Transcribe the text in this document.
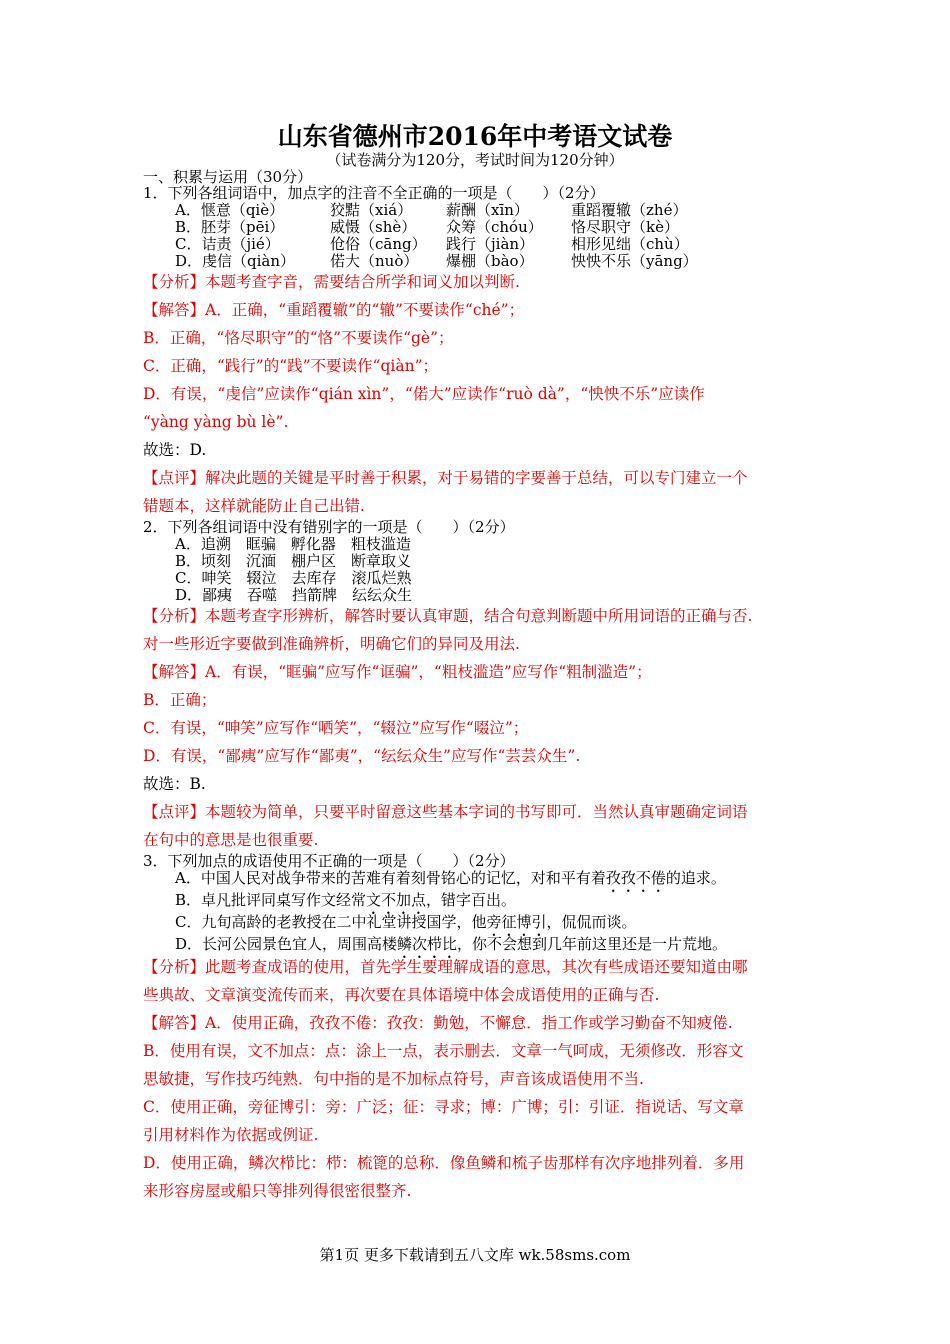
山东省德州市2016年中考语文试卷
（试卷满分为120分，考试时间为120分钟）
一、积累与运用（30分）
1．下列各组词语中，加点字的注音不全正确的一项是（　　）（2分）
A．惬意（qiè）	狡黠（xiá） 薪酬（xīn）	重蹈覆辙（zhé）
B．胚芽（pēi）	威慑（shè） 众筹（chóu） 恪尽职守（kè）
C．诘责（jié）	伧俗（cāng） 践行（jiàn） 相形见绌（chù）
D．虔信（qiàn） 偌大（nuò） 爆棚（bào） 怏怏不乐（yāng）
【分析】本题考查字音，需要结合所学和词义加以判断.
【解答】A．正确，“重蹈覆辙”的“辙”不要读作“ché”；
B．正确，“恪尽职守”的“恪”不要读作“gè”；
C．正确，“践行”的“践”不要读作“qiàn”；
D．有误，“虔信”应读作“qián xìn”，“偌大”应读作“ruò dà”，“怏怏不乐”应读作
“yàng yàng bù lè”.
故选：D.
【点评】解决此题的关键是平时善于积累，对于易错的字要善于总结，可以专门建立一个
错题本，这样就能防止自己出错.
2．下列各组词语中没有错别字的一项是（　　）（2分）
A．追溯　眶骗　孵化器　粗枝滥造
B．顷刻　沉湎　棚户区　断章取义
C．呻笑　辍泣　去库存　滚瓜烂熟
D．鄙痍　吞噬　挡箭牌　纭纭众生
【分析】本题考查字形辨析，解答时要认真审题，结合句意判断题中所用词语的正确与否.
对一些形近字要做到准确辨析，明确它们的异同及用法.
【解答】A．有误，“眶骗”应写作“诓骗”，“粗枝滥造”应写作“粗制滥造”；
B．正确；
C．有误，“呻笑”应写作“哂笑”，“辍泣”应写作“啜泣”；
D．有误，“鄙痍”应写作“鄙夷”，“纭纭众生”应写作“芸芸众生”.
故选：B.
【点评】本题较为简单，只要平时留意这些基本字词的书写即可．当然认真审题确定词语
在句中的意思是也很重要.
3．下列加点的成语使用不正确的一项是（　　）（2分）
A．中国人民对战争带来的苦难有着刻骨铭心的记忆，对和平有着孜孜不倦的追求。
B．卓凡批评同桌写作文经常文不加点，错字百出。
C．九旬高龄的老教授在二中礼堂讲授国学，他旁征博引，侃侃而谈。
D．长河公园景色宜人，周围高楼鳞次栉比，你不会想到几年前这里还是一片荒地。
【分析】此题考查成语的使用，首先学生要理解成语的意思，其次有些成语还要知道由哪
些典故、文章演变流传而来，再次要在具体语境中体会成语使用的正确与否.
【解答】A．使用正确，孜孜不倦：孜孜：勤勉，不懈怠．指工作或学习勤奋不知疲倦.
B．使用有误，文不加点：点：涂上一点，表示删去．文章一气呵成，无须修改．形容文
思敏捷，写作技巧纯熟．句中指的是不加标点符号，声音该成语使用不当.
C．使用正确，旁征博引：旁：广泛；征：寻求；博：广博；引：引证．指说话、写文章
引用材料作为依据或例证.
D．使用正确，鳞次栉比：栉：梳篦的总称．像鱼鳞和梳子齿那样有次序地排列着．多用
来形容房屋或船只等排列得很密很整齐.
第1页 更多下载请到五八文库 wk.58sms.com
